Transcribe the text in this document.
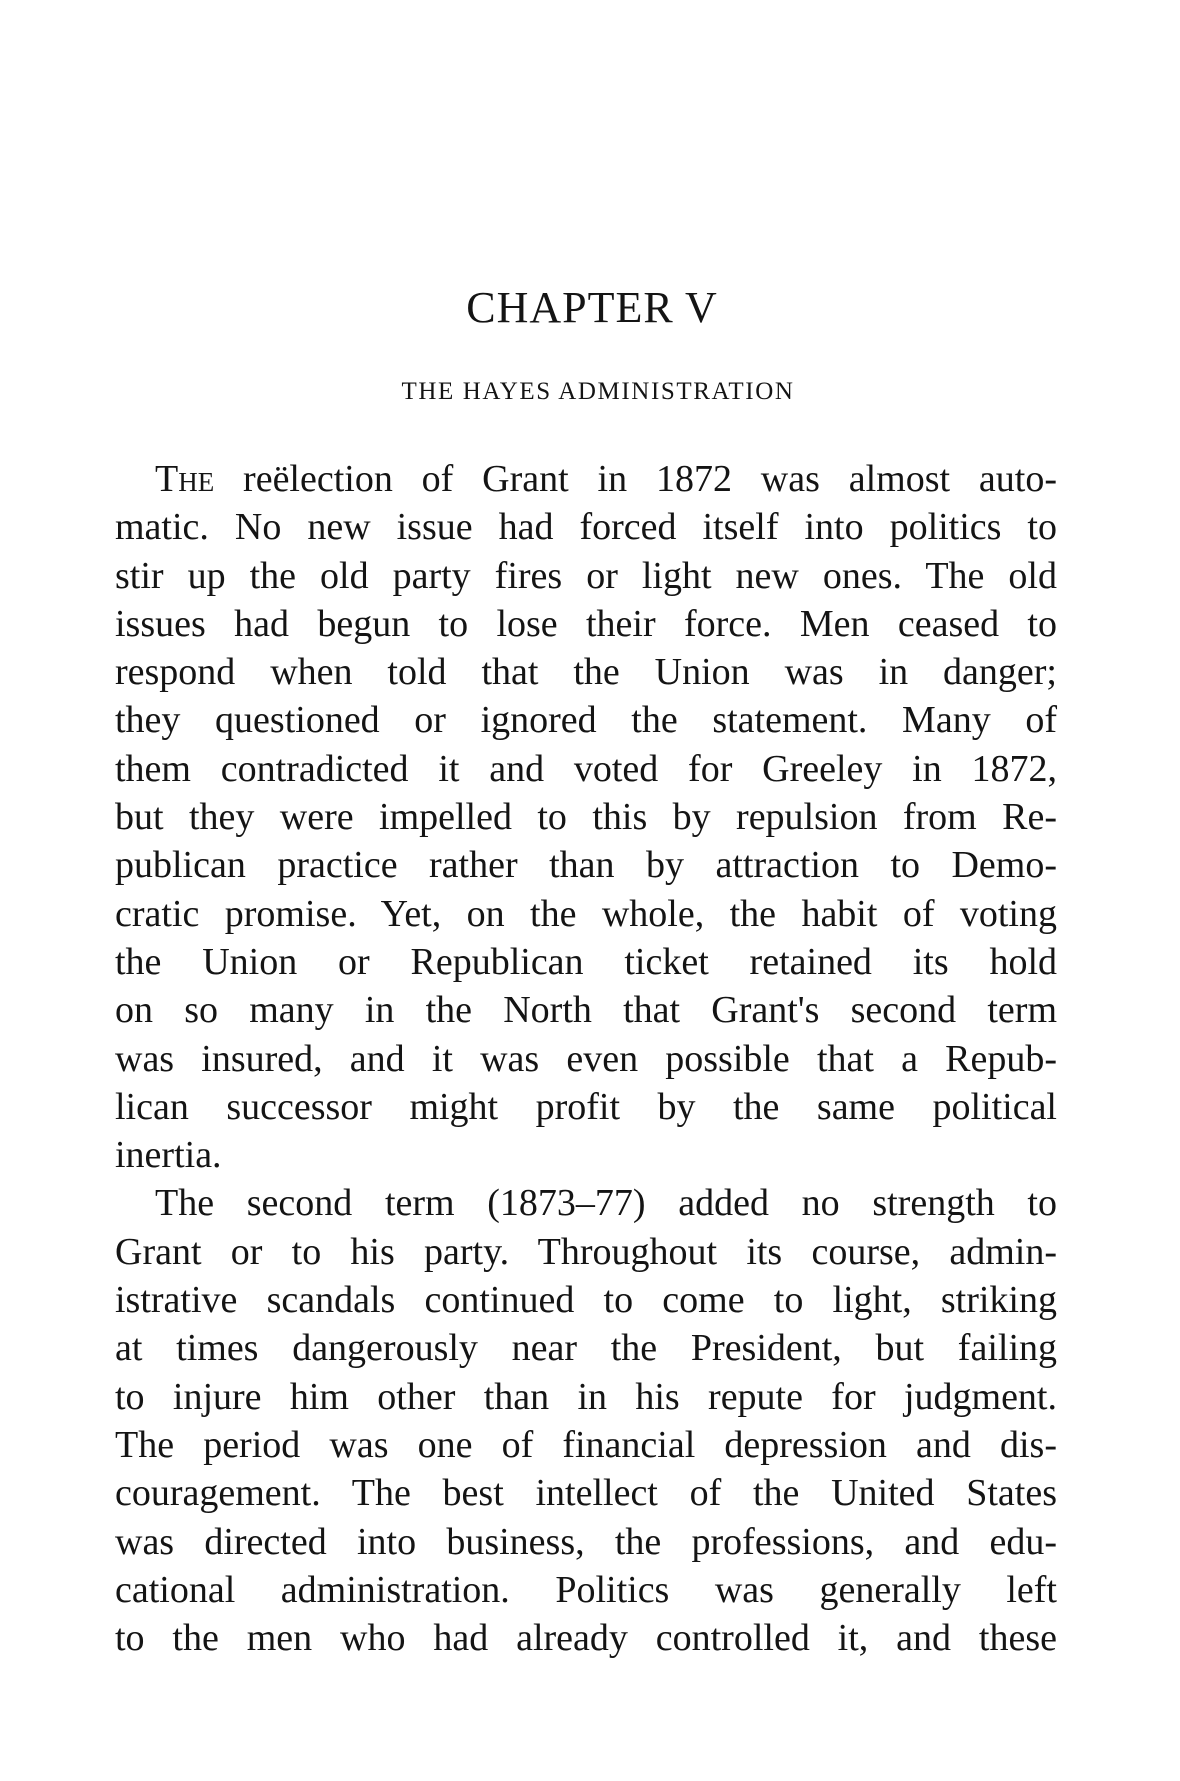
CHAPTER V
THE HAYES ADMINISTRATION
The reëlection of Grant in 1872 was almost auto-
matic. No new issue had forced itself into politics to
stir up the old party fires or light new ones. The old
issues had begun to lose their force. Men ceased to
respond when told that the Union was in danger;
they questioned or ignored the statement. Many of
them contradicted it and voted for Greeley in 1872,
but they were impelled to this by repulsion from Re-
publican practice rather than by attraction to Demo-
cratic promise. Yet, on the whole, the habit of voting
the Union or Republican ticket retained its hold
on so many in the North that Grant's second term
was insured, and it was even possible that a Repub-
lican successor might profit by the same political
inertia.
The second term (1873–77) added no strength to
Grant or to his party. Throughout its course, admin-
istrative scandals continued to come to light, striking
at times dangerously near the President, but failing
to injure him other than in his repute for judgment.
The period was one of financial depression and dis-
couragement. The best intellect of the United States
was directed into business, the professions, and edu-
cational administration. Politics was generally left
to the men who had already controlled it, and these
